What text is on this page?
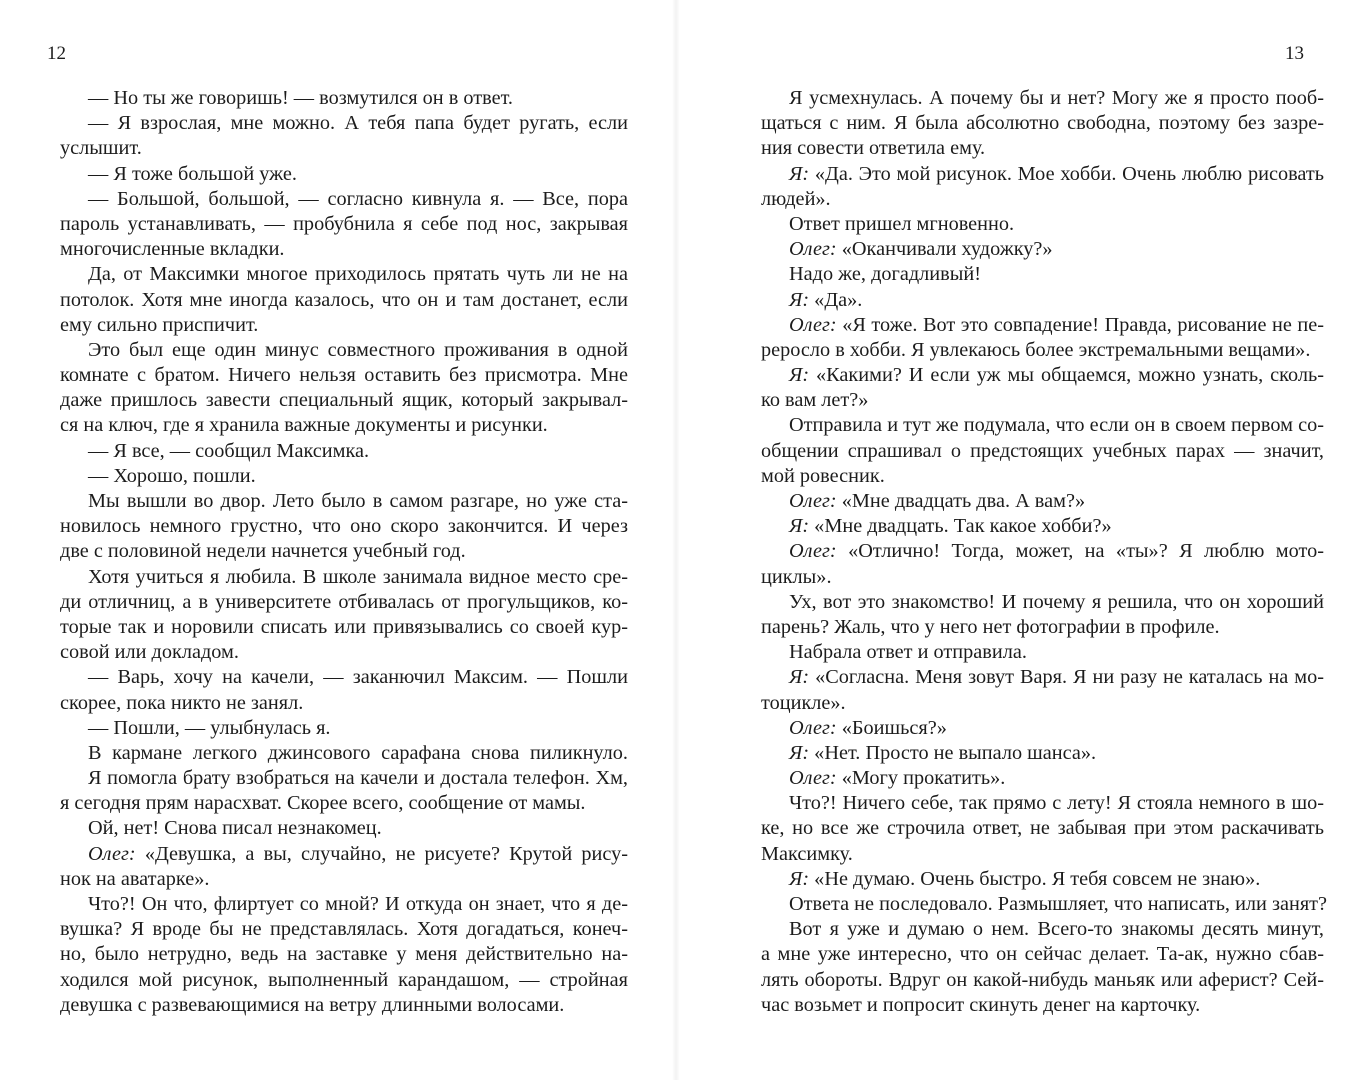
12
— Но ты же говоришь! — возмутился он в ответ.
— Я взрослая, мне можно. А тебя папа будет ругать, если
услышит.
— Я тоже большой уже.
— Большой, большой, — согласно кивнула я. — Все, пора
пароль устанавливать, — пробубнила я себе под нос, закрывая
многочисленные вкладки.
Да, от Максимки многое приходилось прятать чуть ли не на
потолок. Хотя мне иногда казалось, что он и там достанет, если
ему сильно приспичит.
Это был еще один минус совместного проживания в одной
комнате с братом. Ничего нельзя оставить без присмотра. Мне
даже пришлось завести специальный ящик, который закрывал-
ся на ключ, где я хранила важные документы и рисунки.
— Я все, — сообщил Максимка.
— Хорошо, пошли.
Мы вышли во двор. Лето было в самом разгаре, но уже ста-
новилось немного грустно, что оно скоро закончится. И через
две с половиной недели начнется учебный год.
Хотя учиться я любила. В школе занимала видное место сре-
ди отличниц, а в университете отбивалась от прогульщиков, ко-
торые так и норовили списать или привязывались со своей кур-
совой или докладом.
— Варь, хочу на качели, — заканючил Максим. — Пошли
скорее, пока никто не занял.
— Пошли, — улыбнулась я.
В кармане легкого джинсового сарафана снова пиликнуло.
Я помогла брату взобраться на качели и достала телефон. Хм,
я сегодня прям нарасхват. Скорее всего, сообщение от мамы.
Ой, нет! Снова писал незнакомец.
Олег: «Девушка, а вы, случайно, не рисуете? Крутой рису-
нок на аватарке».
Что?! Он что, флиртует со мной? И откуда он знает, что я де-
вушка? Я вроде бы не представлялась. Хотя догадаться, конеч-
но, было нетрудно, ведь на заставке у меня действительно на-
ходился мой рисунок, выполненный карандашом, — стройная
девушка с развевающимися на ветру длинными волосами.
13
Я усмехнулась. А почему бы и нет? Могу же я просто пооб-
щаться с ним. Я была абсолютно свободна, поэтому без зазре-
ния совести ответила ему.
Я: «Да. Это мой рисунок. Мое хобби. Очень люблю рисовать
людей».
Ответ пришел мгновенно.
Олег: «Оканчивали художку?»
Надо же, догадливый!
Я: «Да».
Олег: «Я тоже. Вот это совпадение! Правда, рисование не пе-
реросло в хобби. Я увлекаюсь более экстремальными вещами».
Я: «Какими? И если уж мы общаемся, можно узнать, сколь-
ко вам лет?»
Отправила и тут же подумала, что если он в своем первом со-
общении спрашивал о предстоящих учебных парах — значит,
мой ровесник.
Олег: «Мне двадцать два. А вам?»
Я: «Мне двадцать. Так какое хобби?»
Олег: «Отлично! Тогда, может, на «ты»? Я люблю мото-
циклы».
Ух, вот это знакомство! И почему я решила, что он хороший
парень? Жаль, что у него нет фотографии в профиле.
Набрала ответ и отправила.
Я: «Согласна. Меня зовут Варя. Я ни разу не каталась на мо-
тоцикле».
Олег: «Боишься?»
Я: «Нет. Просто не выпало шанса».
Олег: «Могу прокатить».
Что?! Ничего себе, так прямо с лету! Я стояла немного в шо-
ке, но все же строчила ответ, не забывая при этом раскачивать
Максимку.
Я: «Не думаю. Очень быстро. Я тебя совсем не знаю».
Ответа не последовало. Размышляет, что написать, или занят?
Вот я уже и думаю о нем. Всего-то знакомы десять минут,
а мне уже интересно, что он сейчас делает. Та-ак, нужно сбав-
лять обороты. Вдруг он какой-нибудь маньяк или аферист? Сей-
час возьмет и попросит скинуть денег на карточку.
